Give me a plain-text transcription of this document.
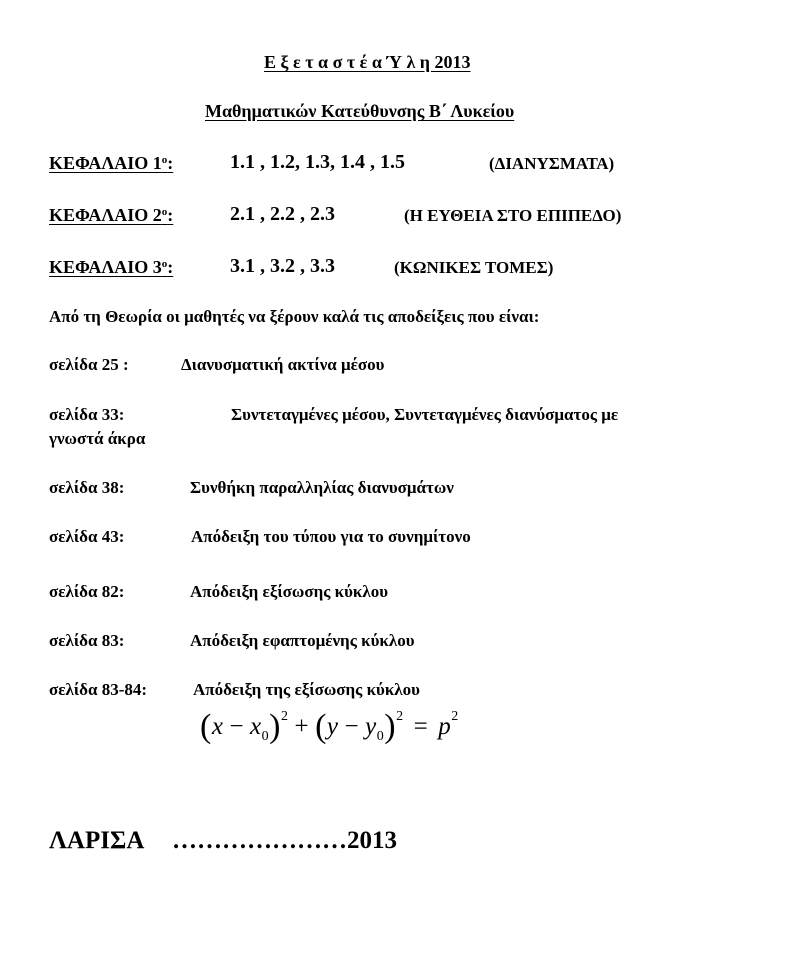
Ε ξ ε τ α σ τ έ α Ύ λ η 2013
Μαθηματικών Κατεύθυνσης Β΄ Λυκείου
ΚΕΦΑΛΑΙΟ $1^o$:	1.1 , 1.2, 1.3, 1.4 , 1.5	(ΔΙΑΝΥΣΜΑΤΑ)
ΚΕΦΑΛΑΙΟ $2^o$:	2.1 , 2.2 , 2.3	(Η ΕΥΘΕΙΑ ΣΤΟ ΕΠΙΠΕΔΟ)
ΚΕΦΑΛΑΙΟ $3^o$:	3.1 , 3.2 , 3.3	(ΚΩΝΙΚΕΣ ΤΟΜΕΣ)
Από τη Θεωρία οι μαθητές να ξέρουν καλά τις αποδείξεις που είναι:
σελίδα 25 :	Διανυσματική ακτίνα μέσου
σελίδα 33:	Συντεταγμένες μέσου, Συντεταγμένες διανύσματος με
γνωστά άκρα
σελίδα 38:	Συνθήκη παραλληλίας διανυσμάτων
σελίδα 43:	Απόδειξη του τύπου για το συνημίτονο
σελίδα 82:	Απόδειξη εξίσωσης κύκλου
σελίδα 83:	Απόδειξη εφαπτομένης κύκλου
σελίδα 83-84:	Απόδειξη της εξίσωσης κύκλου
$(x - x_0)^2 + (y - y_0)^2 = p^2$
ΛΑΡΙΣΑ …………………2013
